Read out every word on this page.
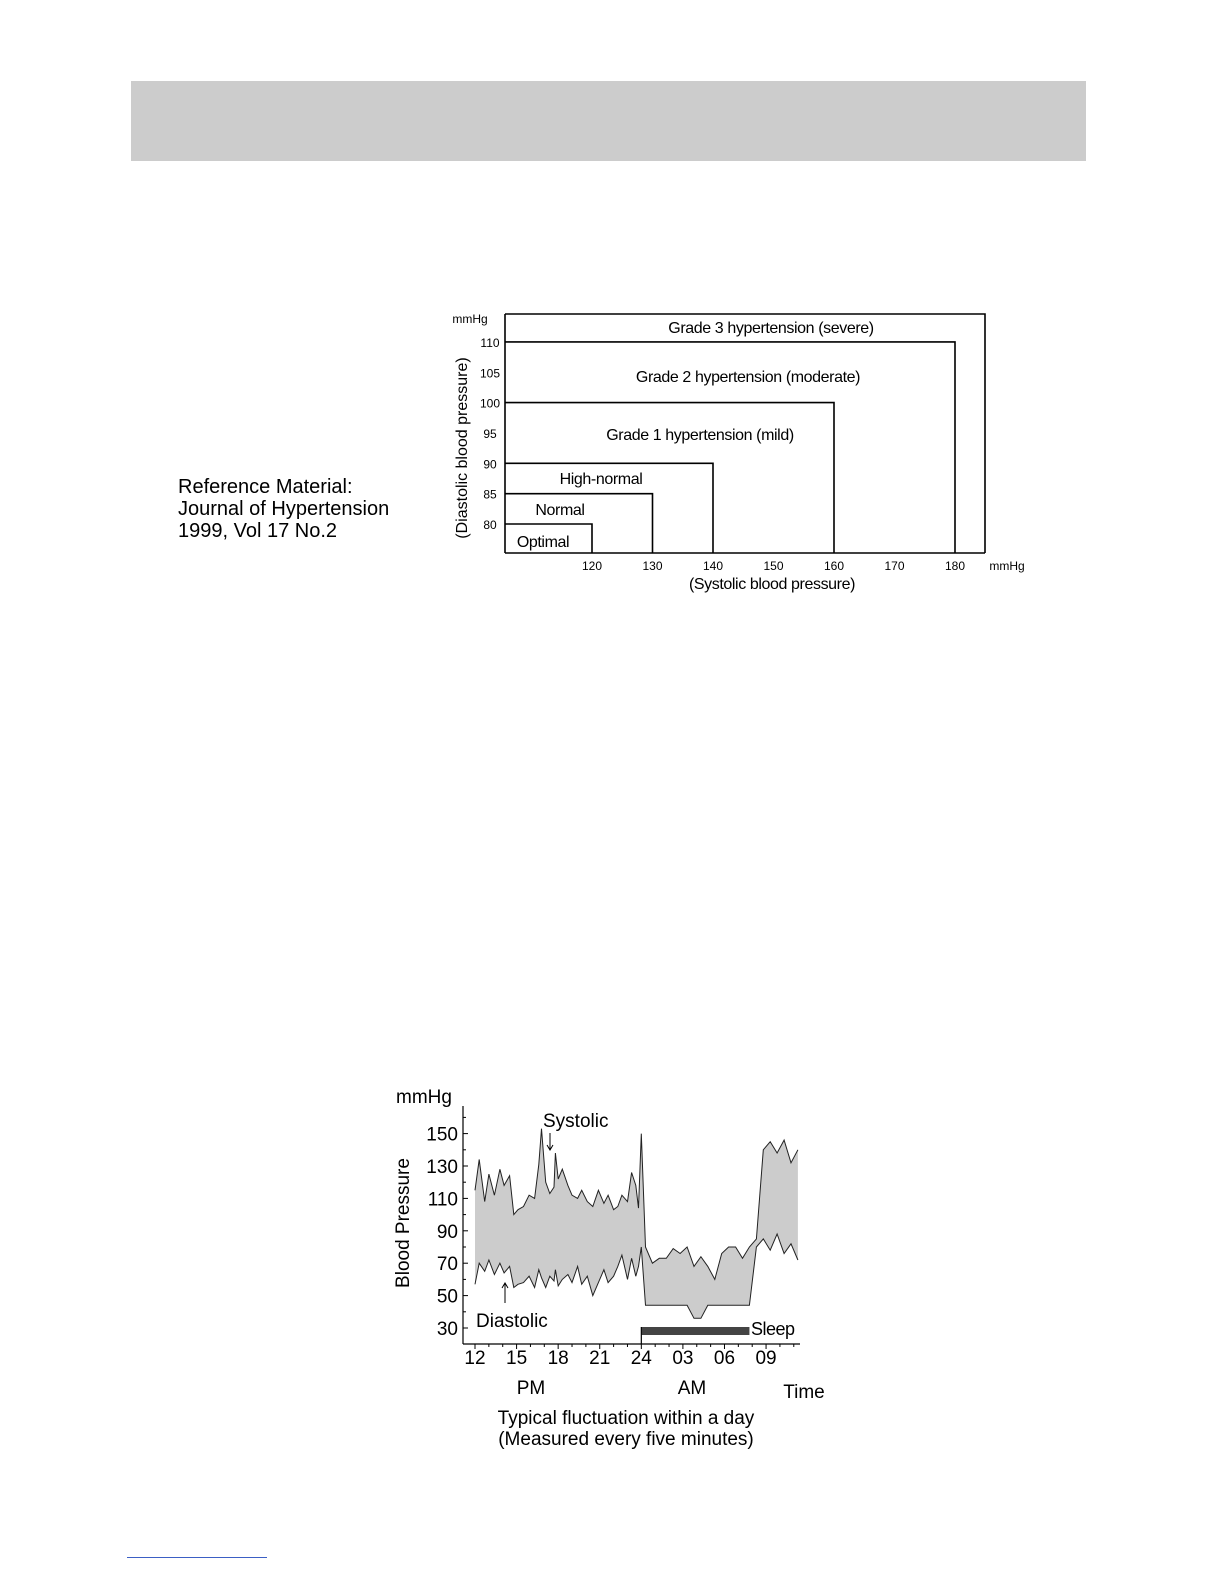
Reference Material:
Journal of Hypertension
1999, Vol 17 No.2
Optimal
Normal
High-normal
Grade 1 hypertension (mild)
Grade 2 hypertension (moderate)
Grade 3 hypertension (severe)
80
85
90
95
100
105
110
mmHg
(Diastolic blood pressure)
120	130	140	150	160	170	180 mmHg
(Systolic blood pressure)
30
50
70
90
110
130
150
mmHg
Blood Pressure
12 15 18 21 24 03 06 09
PM	AM	Time
Sleep
Systolic
Diastolic
Typical fluctuation within a day
(Measured every five minutes)
